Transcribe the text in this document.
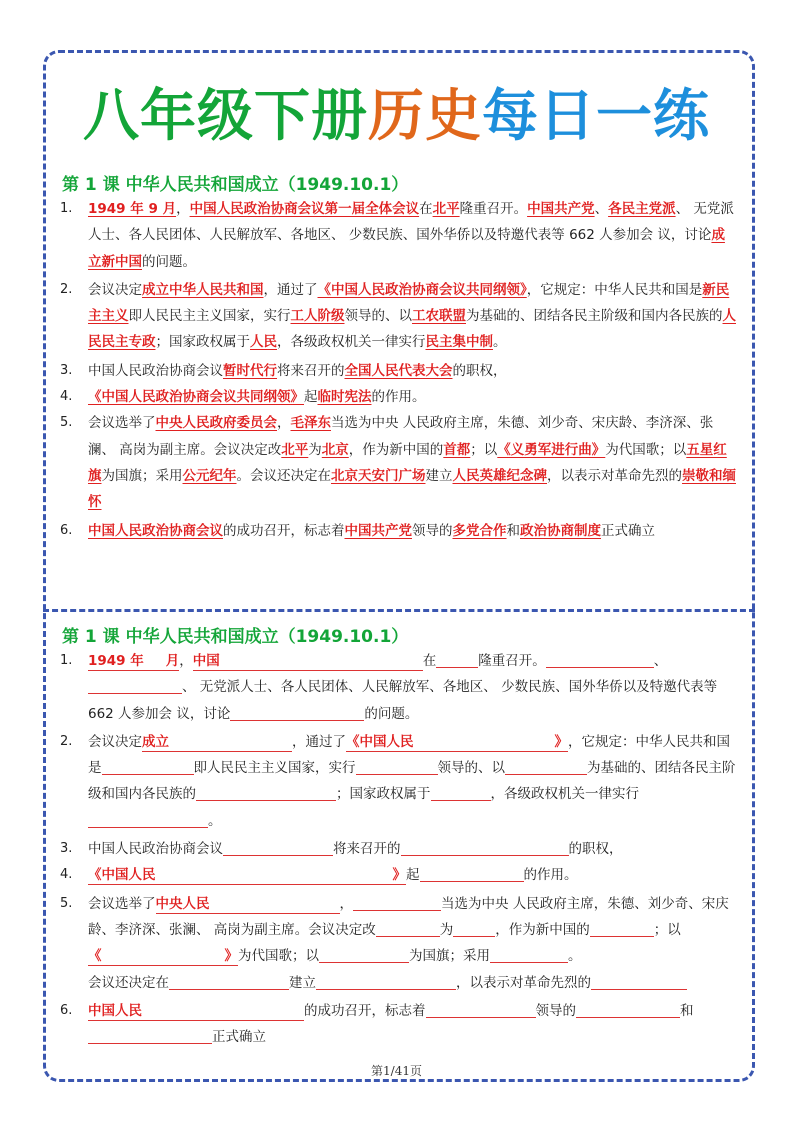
八年级下册历史每日一练
第 1 课 中华人民共和国成立（1949.10.1）
1. 1949 年 9 月，中国人民政治协商会议第一届全体会议在北平隆重召开。中国共产党、各民主党派、 无党派人士、各人民团体、人民解放军、各地区、 少数民族、国外华侨以及特邀代表等 662 人参加会 议，讨论成立新中国的问题。
2. 会议决定成立中华人民共和国，通过了《中国人民政治协商会议共同纲领》，它规定：中华人民共和国是新民主主义即人民民主主义国家，实行工人阶级领导的、以工农联盟为基础的、团结各民主阶级和国内各民族的人民民主专政；国家政权属于人民，各级政权机关一律实行民主集中制。
3. 中国人民政治协商会议暂时代行将来召开的全国人民代表大会的职权，
4. 《中国人民政治协商会议共同纲领》起临时宪法的作用。
5. 会议选举了中央人民政府委员会，毛泽东当选为中央 人民政府主席，朱德、刘少奇、宋庆龄、李济深、张澜、 高岗为副主席。会议决定改北平为北京，作为新中国的首都；以《义勇军进行曲》为代国歌；以五星红旗为国旗；采用公元纪年。会议还决定在北京天安门广场建立人民英雄纪念碑，以表示对革命先烈的崇敬和缅怀
6. 中国人民政治协商会议的成功召开，标志着中国共产党领导的多党合作和政治协商制度正式确立
第 1 课 中华人民共和国成立（1949.10.1）
1. 1949 年 月，中国	在	隆重召开。	、、 无党派人士、各人民团体、人民解放军、各地区、 少数民族、国外华侨以及特邀代表等 662 人参加会 议，讨论	的问题。
2. 会议决定成立	，通过了《中国人民	》 ，它规定：中华人民共和国是	即人民民主主义国家，实行	领导的、以	为基础的、团结各民主阶级和国内各民族的	；国家政权属于	，各级政权机关一律实行。
3. 中国人民政治协商会议	将来召开的	的职权，
4. 《中国人民	》 起	的作用。
5. 会议选举了中央人民	，	当选为中央 人民政府主席，朱德、刘少奇、宋庆龄、李济深、张澜、 高岗为副主席。会议决定改	为	，作为新中国的	；以《	》 为代国歌；以	为国旗；采用	。
会议还决定在	建立	，以表示对革命先烈的
6. 中国人民	的成功召开，标志着	领导的	和
正式确立
第1/41页
